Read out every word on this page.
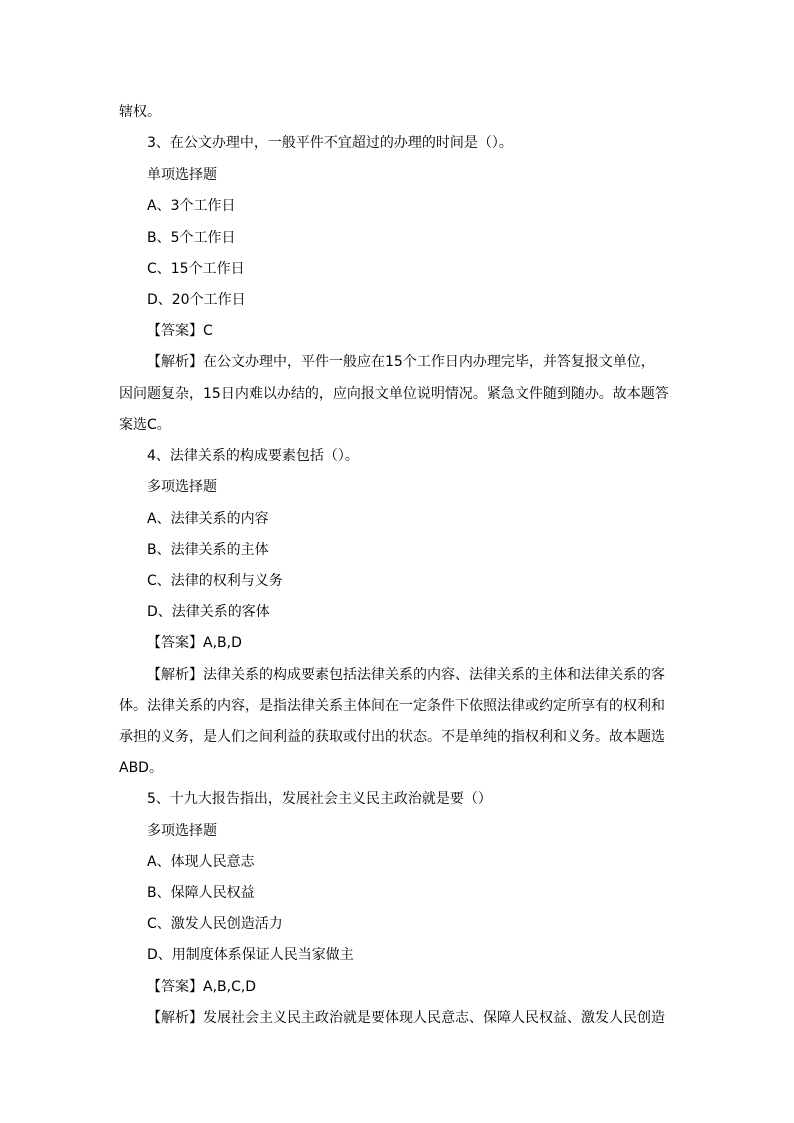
辖权。
3、在公文办理中，一般平件不宜超过的办理的时间是（）。
单项选择题
A、3个工作日
B、5个工作日
C、15个工作日
D、20个工作日
【答案】C
【解析】在公文办理中，平件一般应在15个工作日内办理完毕，并答复报文单位，
因问题复杂，15日内难以办结的，应向报文单位说明情况。紧急文件随到随办。故本题答
案选C。
4、法律关系的构成要素包括（）。
多项选择题
A、法律关系的内容
B、法律关系的主体
C、法律的权利与义务
D、法律关系的客体
【答案】A,B,D
【解析】法律关系的构成要素包括法律关系的内容、法律关系的主体和法律关系的客
体。法律关系的内容，是指法律关系主体间在一定条件下依照法律或约定所享有的权利和
承担的义务，是人们之间利益的获取或付出的状态。不是单纯的指权利和义务。故本题选
ABD。
5、十九大报告指出，发展社会主义民主政治就是要（）
多项选择题
A、体现人民意志
B、保障人民权益
C、激发人民创造活力
D、用制度体系保证人民当家做主
【答案】A,B,C,D
【解析】发展社会主义民主政治就是要体现人民意志、保障人民权益、激发人民创造
